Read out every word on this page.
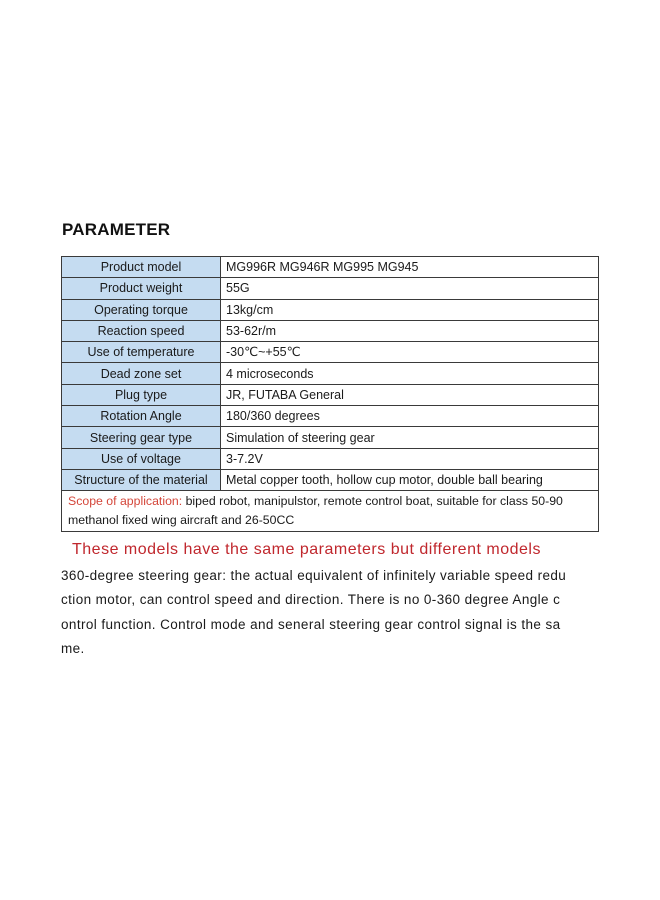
PARAMETER
Product model	MG996R MG946R MG995 MG945
Product weight	55G
Operating torque	13kg/cm
Reaction speed	53-62r/m
Use of temperature	-30℃~+55℃
Dead zone set	4 microseconds
Plug type	JR, FUTABA General
Rotation Angle	180/360 degrees
Steering gear type	Simulation of steering gear
Use of voltage	3-7.2V
Structure of the material	Metal copper tooth, hollow cup motor, double ball bearing
Scope of application: biped robot, manipulstor, remote control boat, suitable for class 50-90 methanol fixed wing aircraft and 26-50CC	

These models have the same parameters but different models

360-degree steering gear: the actual equivalent of infinitely variable speed redu
ction motor, can control speed and direction. There is no 0-360 degree Angle c
ontrol function. Control mode and seneral steering gear control signal is the sa
me.
